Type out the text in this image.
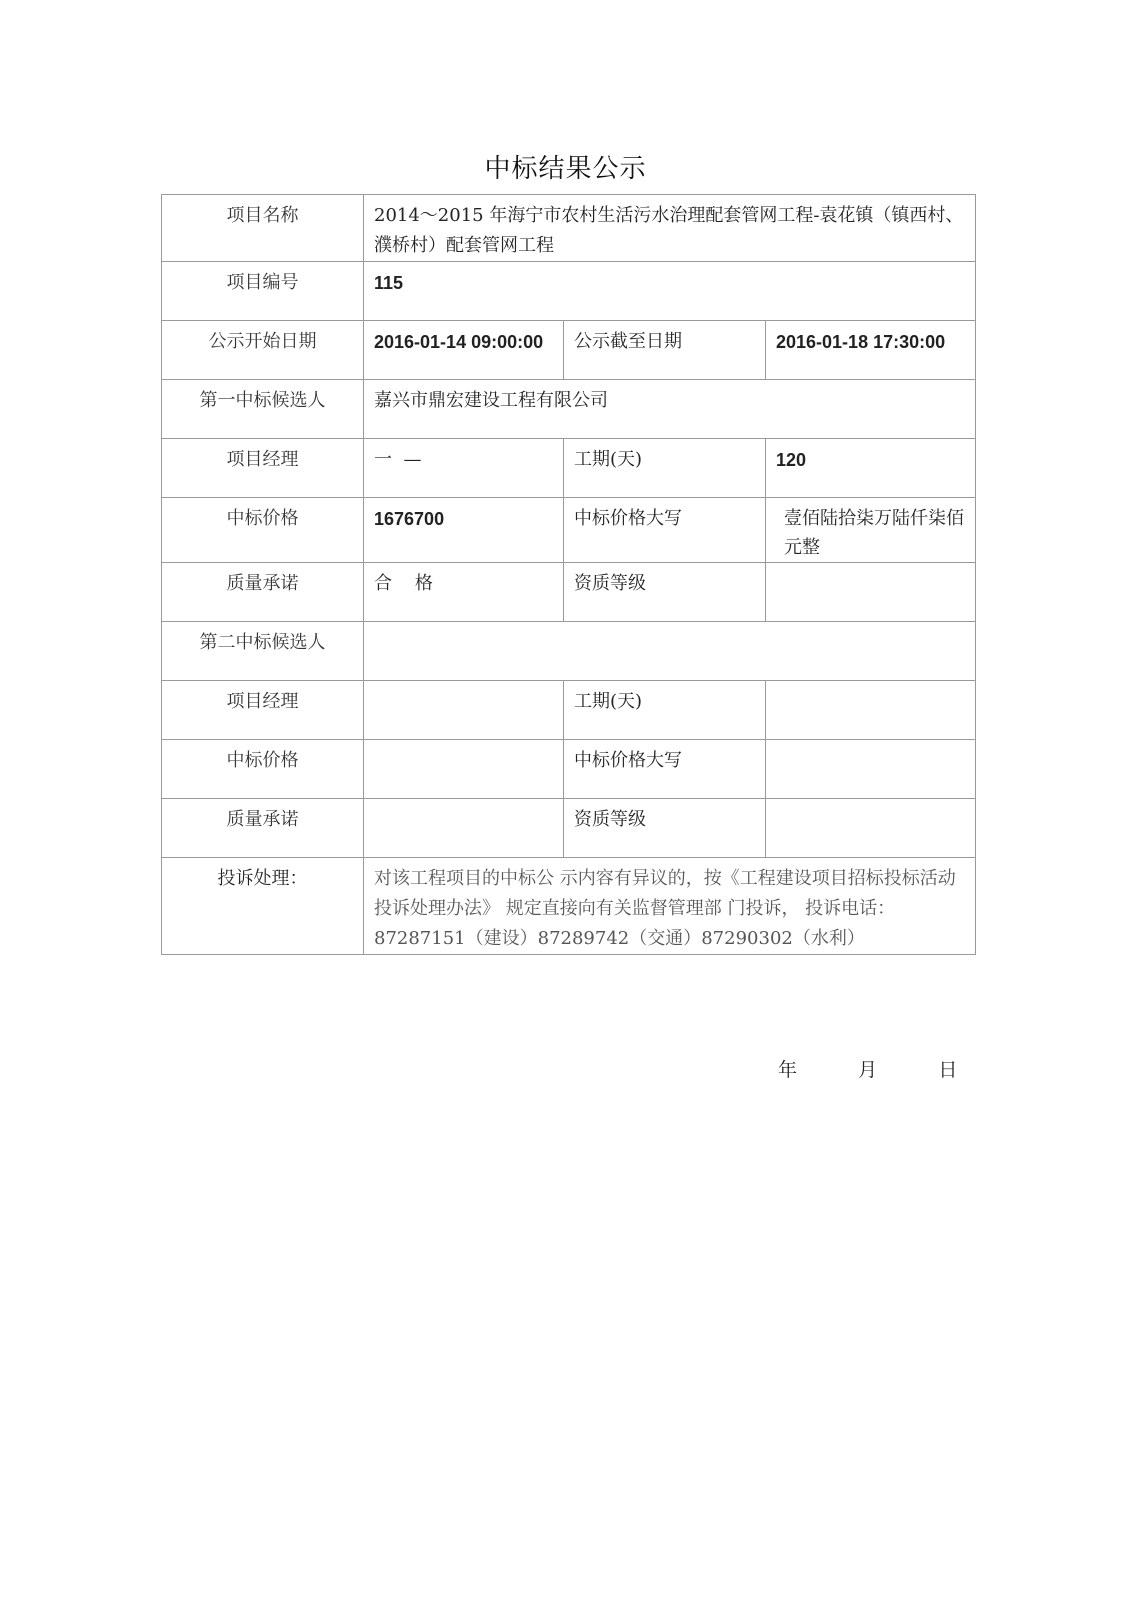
中标结果公示
项目名称	2014～2015 年海宁市农村生活污水治理配套管网工程-袁花镇（镇西村、濮桥村）配套管网工程		
项目编号	115		
公示开始日期	2016-01-14 09:00:00	公示截至日期	2016-01-18 17:30:00
第一中标候选人	嘉兴市鼎宏建设工程有限公司		
项目经理	一  —	工期(天)	120
中标价格	1676700	中标价格大写	壹佰陆拾柒万陆仟柒佰元整
质量承诺	合    格	资质等级	
第二中标候选人			
项目经理		工期(天)	
中标价格		中标价格大写	
质量承诺		资质等级	
投诉处理：	对该工程项目的中标公 示内容有异议的，按《工程建设项目招标投标活动投诉处理办法》 规定直接向有关监督管理部 门投诉， 投诉电话：87287151（建设）87289742（交通）87290302（水利）		
年    月    日
